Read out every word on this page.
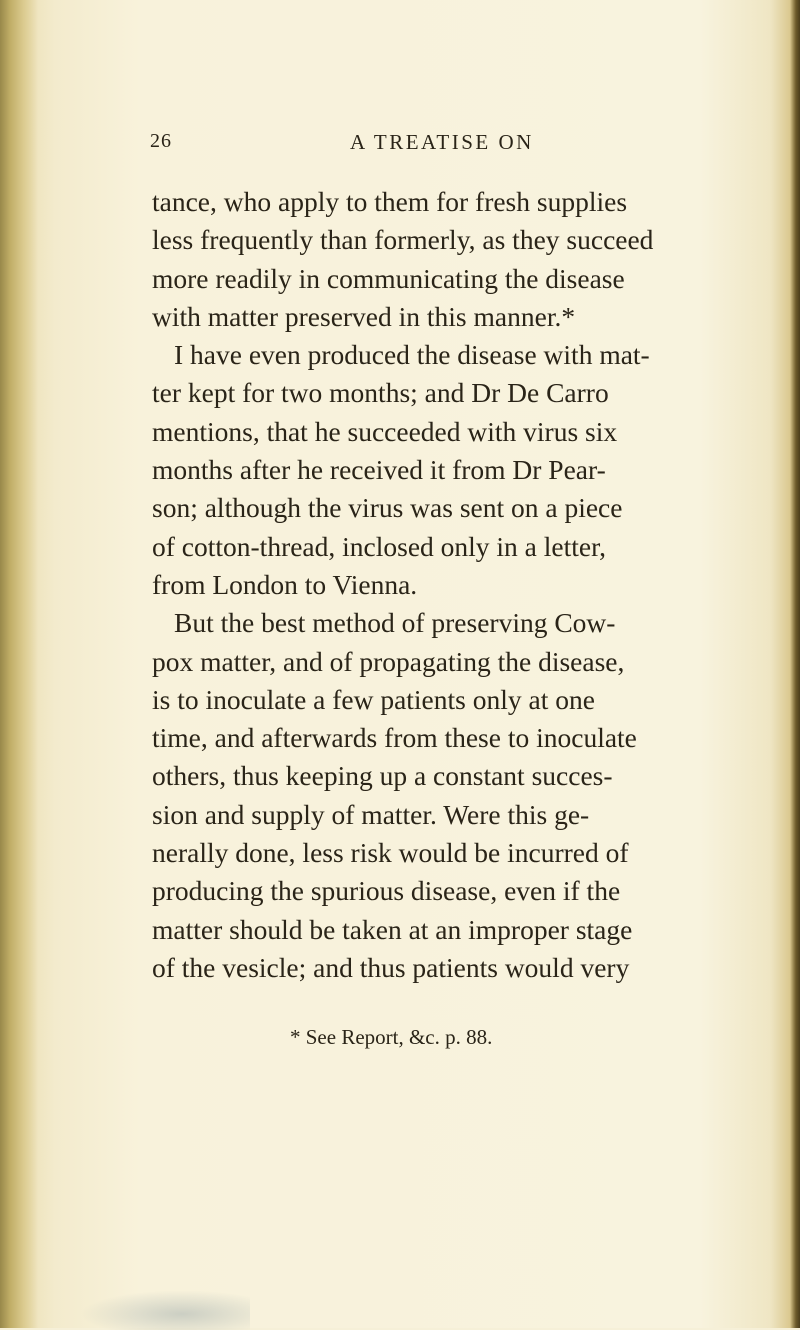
26	A TREATISE ON
tance, who apply to them for fresh supplies
less frequently than formerly, as they succeed
more readily in communicating the disease
with matter preserved in this manner.*
I have even produced the disease with mat-
ter kept for two months; and Dr De Carro
mentions, that he succeeded with virus six
months after he received it from Dr Pear-
son; although the virus was sent on a piece
of cotton-thread, inclosed only in a letter,
from London to Vienna.
But the best method of preserving Cow-
pox matter, and of propagating the disease,
is to inoculate a few patients only at one
time, and afterwards from these to inoculate
others, thus keeping up a constant succes-
sion and supply of matter. Were this ge-
nerally done, less risk would be incurred of
producing the spurious disease, even if the
matter should be taken at an improper stage
of the vesicle; and thus patients would very
* See Report, &c. p. 88.
